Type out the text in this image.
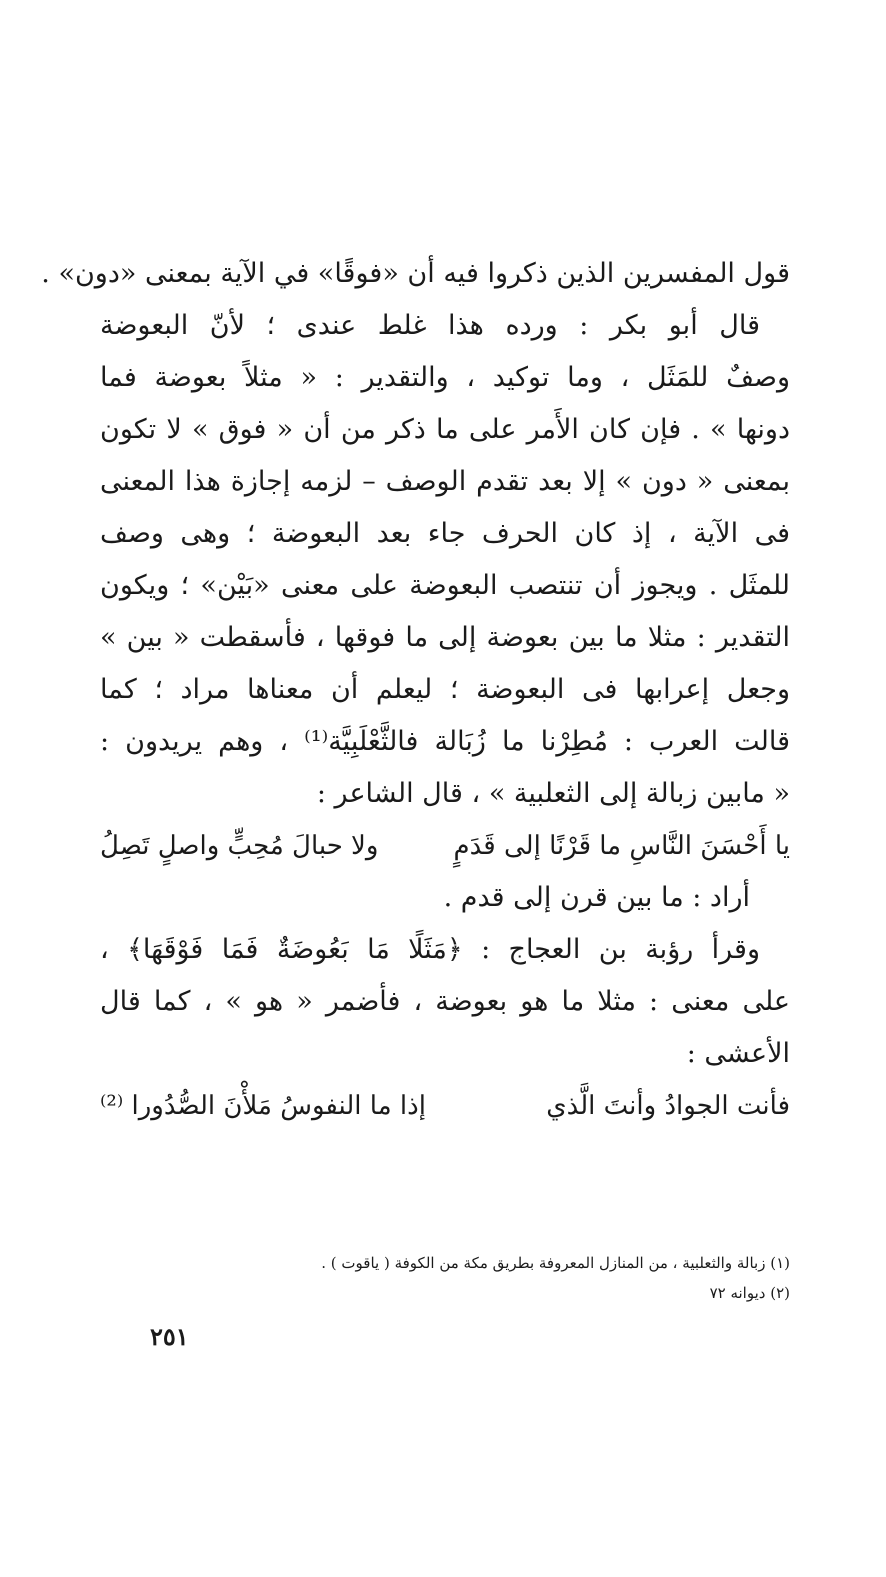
قول المفسرين الذين ذكروا فيه أن «فوقًا» في الآية بمعنى «دون» .
قال أبو بكر : ورده هذا غلط عندى ؛ لأنّ البعوضة
وصفٌ للمَثَل ، وما توكيد ، والتقدير : « مثلاً بعوضة فما
دونها » . فإن كان الأَمر على ما ذكر من أن « فوق » لا تكون
بمعنى « دون » إلا بعد تقدم الوصف – لزمه إجازة هذا المعنى
فى الآية ، إذ كان الحرف جاء بعد البعوضة ؛ وهى وصف
للمثَل . ويجوز أن تنتصب البعوضة على معنى «بَيْن» ؛ ويكون
التقدير : مثلا ما بين بعوضة إلى ما فوقها ، فأسقطت « بين »
وجعل إعرابها فى البعوضة ؛ ليعلم أن معناها مراد ؛ كما
قالت العرب : مُطِرْنا ما زُبَالة فالثَّعْلَبِيَّة⁽¹⁾ ، وهم يريدون :
« مابين زبالة إلى الثعلبية » ، قال الشاعر :
يا أَحْسَنَ النَّاسِ ما قَرْنًا إلى قَدَمٍ
ولا حبالَ مُحِبٍّ واصلٍ تَصِلُ
أراد : ما بين قرن إلى قدم .
وقرأ رؤبة بن العجاج : ﴿مَثَلًا مَا بَعُوضَةٌ فَمَا فَوْقَهَا﴾ ،
على معنى : مثلا ما هو بعوضة ، فأضمر « هو » ، كما قال
الأعشى :
فأنت الجوادُ وأنتَ الَّذي
إذا ما النفوسُ مَلأْنَ الصُّدُورا ⁽²⁾
(١) زبالة والثعلبية ، من المنازل المعروفة بطريق مكة من الكوفة ( ياقوت ) .
(٢) ديوانه ٧٢
٢٥١
